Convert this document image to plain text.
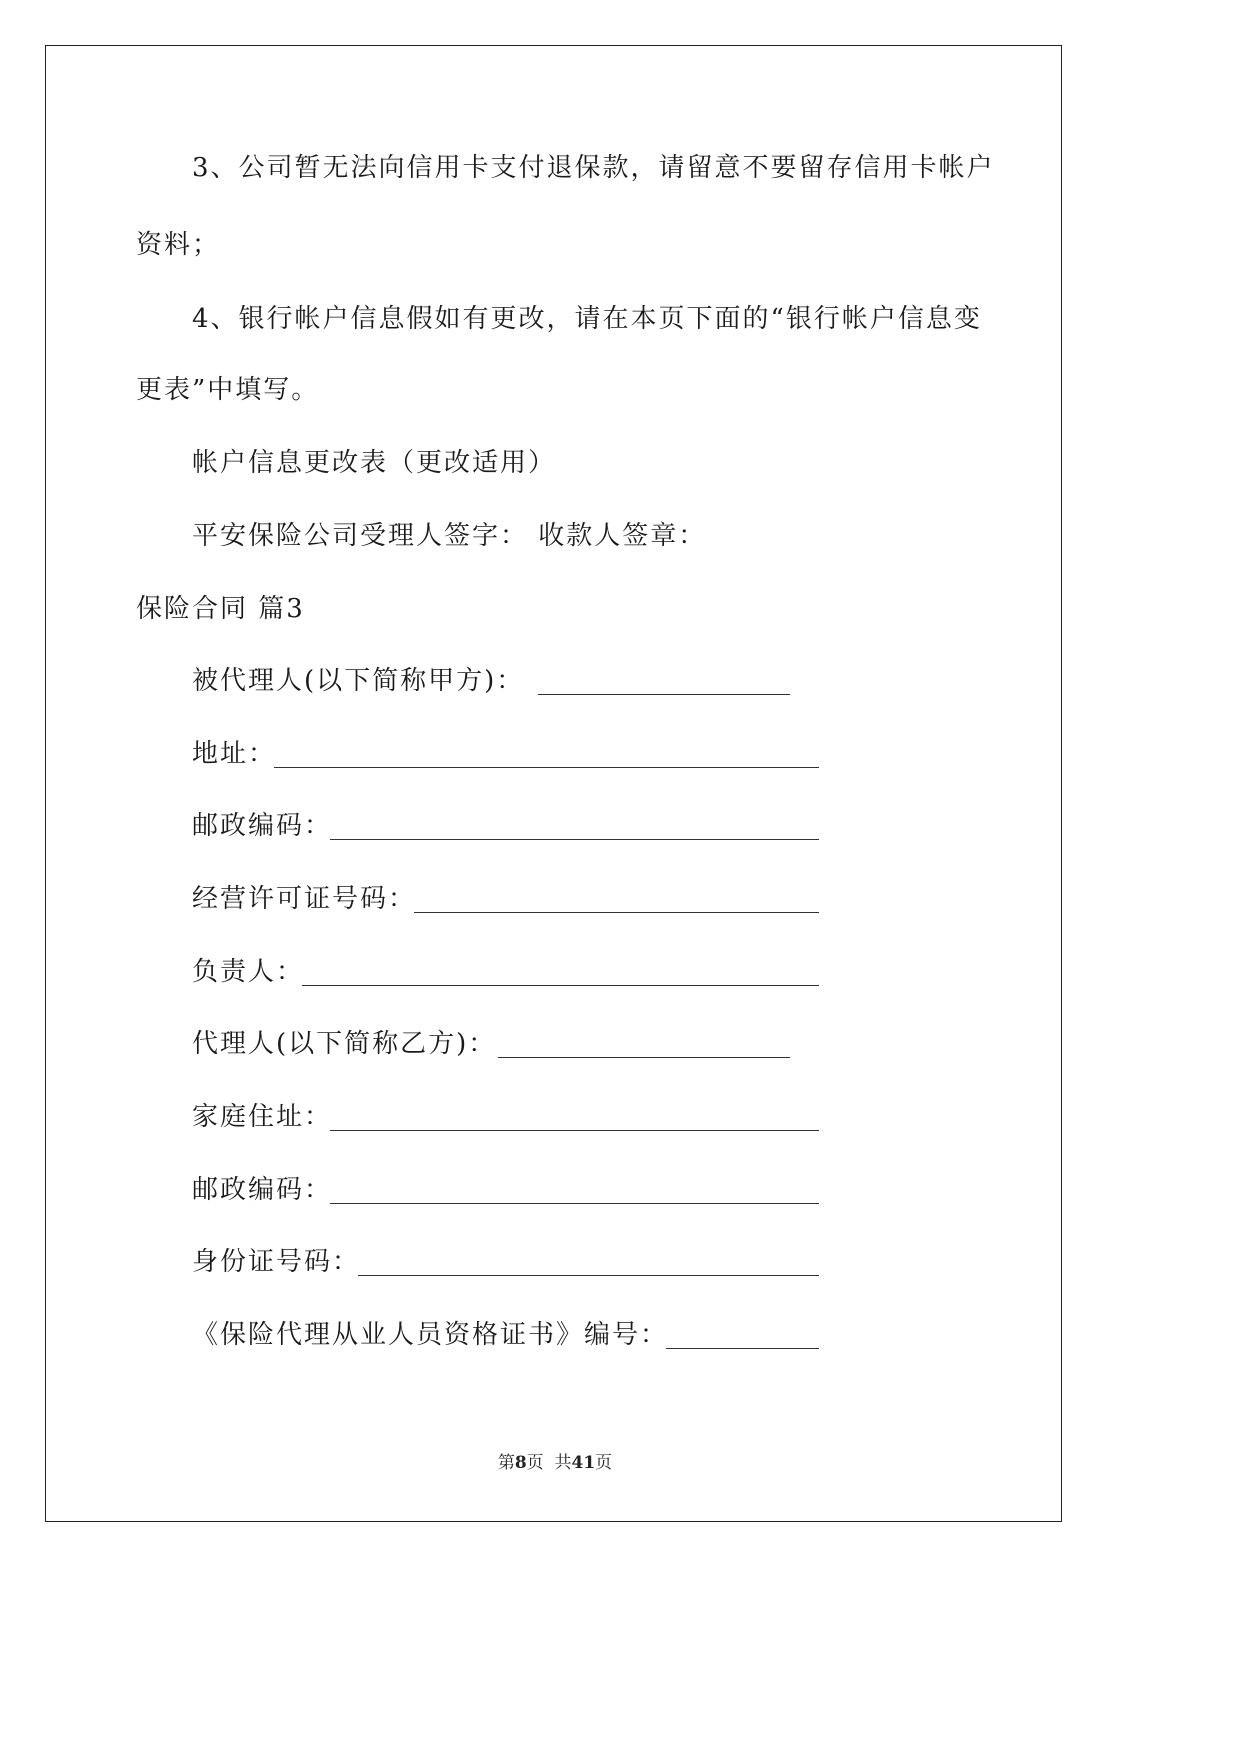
3、公司暂无法向信用卡支付退保款，请留意不要留存信用卡帐户
资料；
4、银行帐户信息假如有更改，请在本页下面的“银行帐户信息变
更表”中填写。
帐户信息更改表（更改适用）
平安保险公司受理人签字： 收款人签章：
保险合同 篇3
被代理人(以下简称甲方)：
地址：
邮政编码：
经营许可证号码：
负责人：
代理人(以下简称乙方)：
家庭住址：
邮政编码：
身份证号码：
《保险代理从业人员资格证书》编号：
第8页  共41页
